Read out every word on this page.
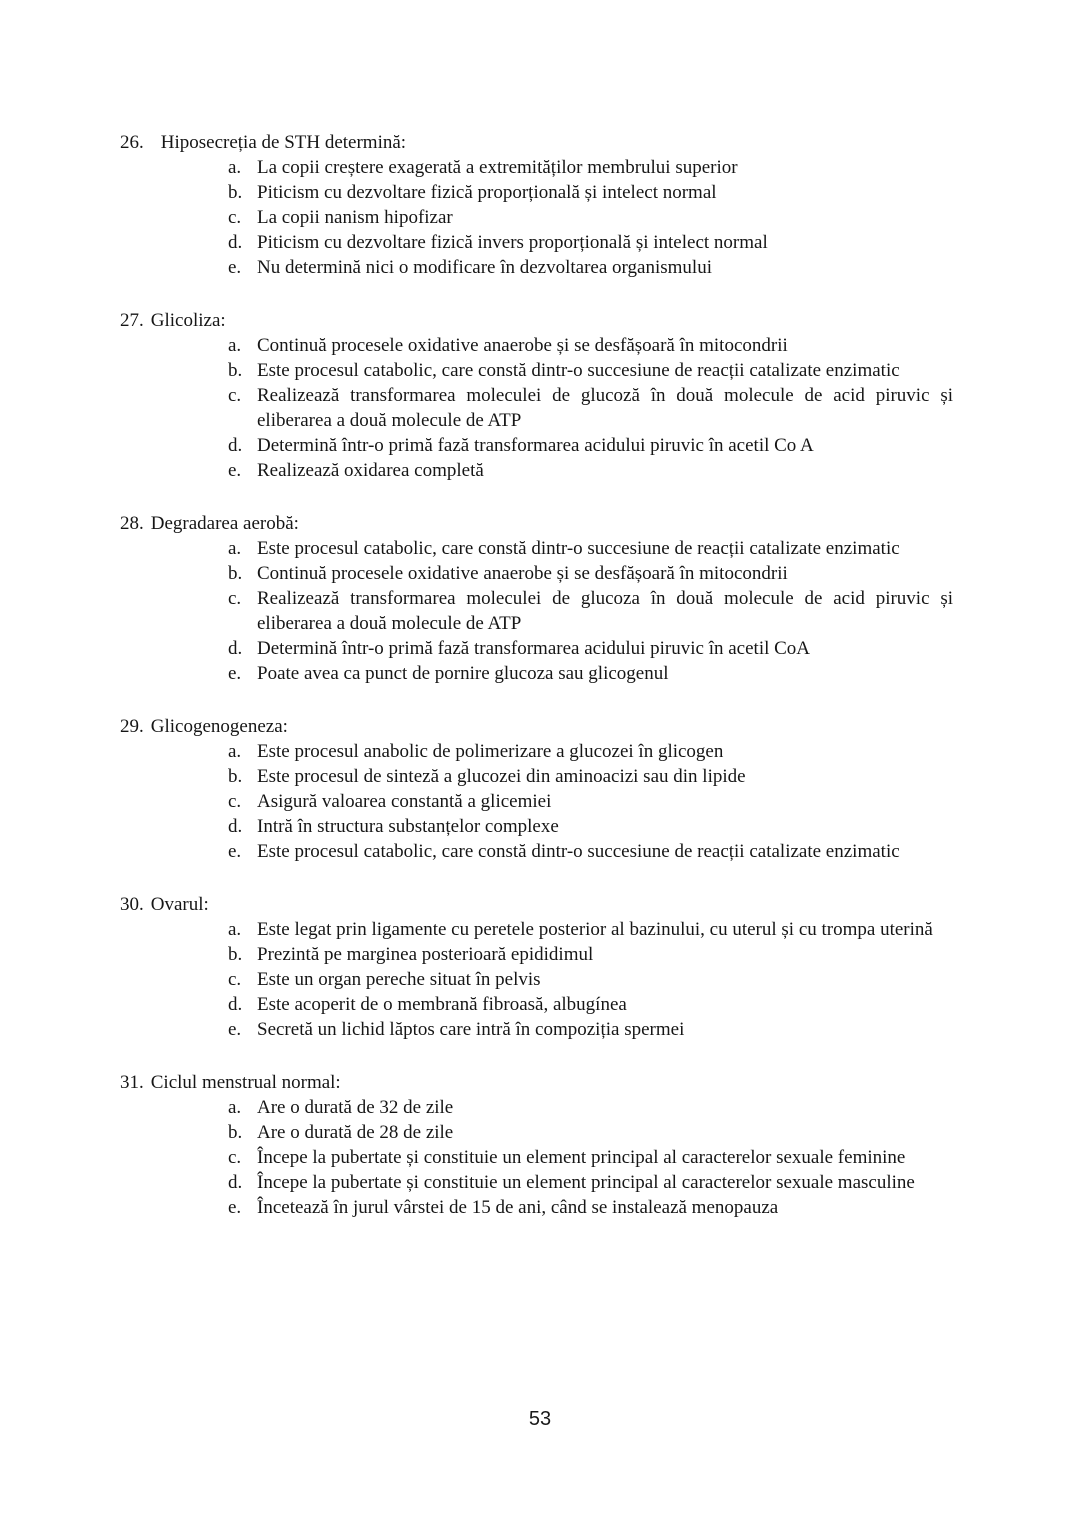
26. Hiposecreția de STH determină:
a. La copii creștere exagerată a extremităților membrului superior
b. Piticism cu dezvoltare fizică proporțională și intelect normal
c. La copii nanism hipofizar
d. Piticism cu dezvoltare fizică invers proporțională și intelect normal
e. Nu determină nici o modificare în dezvoltarea organismului
27. Glicoliza:
a. Continuă procesele oxidative anaerobe și se desfășoară în mitocondrii
b. Este procesul catabolic, care constă dintr-o succesiune de reacții catalizate enzimatic
c. Realizează transformarea moleculei de glucoză în două molecule de acid piruvic și eliberarea a două molecule de ATP
d. Determină într-o primă fază transformarea acidului piruvic în acetil Co A
e. Realizează oxidarea completă
28. Degradarea aerobă:
a. Este procesul catabolic, care constă dintr-o succesiune de reacții catalizate enzimatic
b. Continuă procesele oxidative anaerobe și se desfășoară în mitocondrii
c. Realizează transformarea moleculei de glucoza în două molecule de acid piruvic și eliberarea a două molecule de ATP
d. Determină într-o primă fază transformarea acidului piruvic în acetil CoA
e. Poate avea ca punct de pornire glucoza sau glicogenul
29. Glicogenogeneza:
a. Este procesul anabolic de polimerizare a glucozei în glicogen
b. Este procesul de sinteză a glucozei din aminoacizi sau din lipide
c. Asigură valoarea constantă a glicemiei
d. Intră în structura substanțelor complexe
e. Este procesul catabolic, care constă dintr-o succesiune de reacții catalizate enzimatic
30. Ovarul:
a. Este legat prin ligamente cu peretele posterior al bazinului, cu uterul și cu trompa uterină
b. Prezintă pe marginea posterioară epididimul
c. Este un organ pereche situat în pelvis
d. Este acoperit de o membrană fibroasă, albugínea
e. Secretă un lichid lăptos care intră în compoziția spermei
31. Ciclul menstrual normal:
a. Are o durată de 32 de zile
b. Are o durată de 28 de zile
c. Începe la pubertate și constituie un element principal al caracterelor sexuale feminine
d. Începe la pubertate și constituie un element principal al caracterelor sexuale masculine
e. Încetează în jurul vârstei de 15 de ani, când se instalează menopauza
53
